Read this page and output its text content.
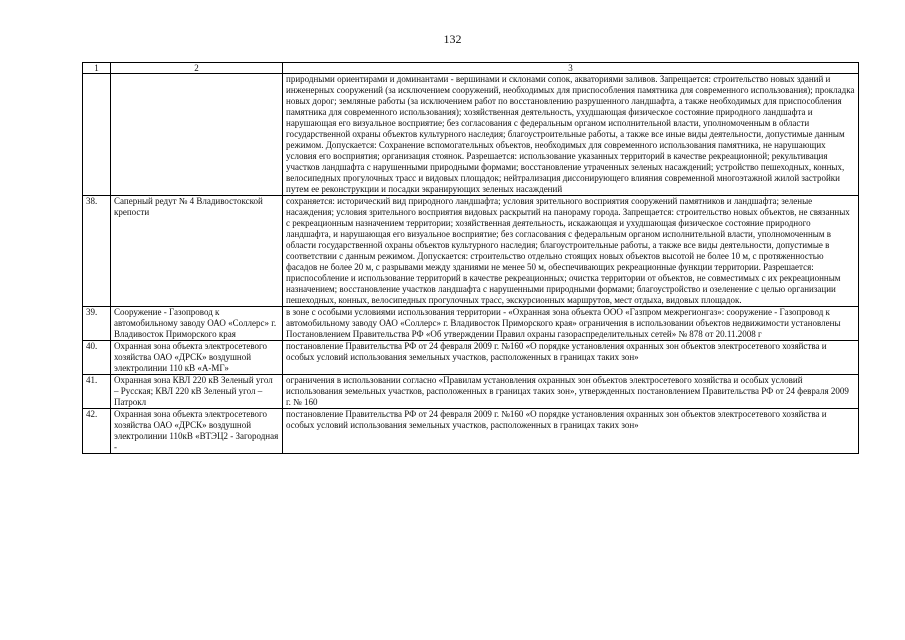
132
1	2	3
		природными ориентирами и доминантами - вершинами и склонами сопок, акваториями заливов. Запрещается: строительство новых зданий и инженерных сооружений (за исключением сооружений, необходимых для приспособления памятника для современного использования); прокладка новых дорог; земляные работы (за исключением работ по восстановлению разрушенного ландшафта, а также необходимых для приспособления памятника для современного использования); хозяйственная деятельность, ухудшающая физическое состояние природного ландшафта и нарушающая его визуальное восприятие; без согласования с федеральным органом исполнительной власти, уполномоченным в области государственной охраны объектов культурного наследия; благоустроительные работы, а также все иные виды деятельности, допустимые данным режимом. Допускается: Сохранение вспомогательных объектов, необходимых для современного использования памятника, не нарушающих условия его восприятия; организация стоянок. Разрешается: использование указанных территорий в качестве рекреационной; рекультивация участков ландшафта с нарушенными природными формами; восстановление утраченных зеленых насаждений; устройство пешеходных, конных, велосипедных прогулочных трасс и видовых площадок; нейтрализация диссонирующего влияния современной многоэтажной жилой застройки путем ее реконструкции и посадки экранирующих зеленых насаждений
38.	Саперный редут № 4 Владивостокской крепости	сохраняется: исторический вид природного ландшафта; условия зрительного восприятия сооружений памятников и ландшафта; зеленые насаждения; условия зрительного восприятия видовых раскрытий на панораму города. Запрещается: строительство новых объектов, не связанных с рекреационным назначением территории; хозяйственная деятельность, искажающая и ухудшающая физическое состояние природного ландшафта, и нарушающая его визуальное восприятие; без согласования с федеральным органом исполнительной власти, уполномоченным в области государственной охраны объектов культурного наследия; благоустроительные работы, а также все виды деятельности, допустимые в соответствии с данным режимом. Допускается: строительство отдельно стоящих новых объектов высотой не более 10 м, с протяженностью фасадов не более 20 м, с разрывами между зданиями не менее 50 м, обеспечивающих рекреационные функции территории. Разрешается: приспособление и использование территорий в качестве рекреационных; очистка территории от объектов, не совместимых с их рекреационным назначением; восстановление участков ландшафта с нарушенными природными формами; благоустройство и озеленение с целью организации пешеходных, конных, велосипедных прогулочных трасс, экскурсионных маршрутов, мест отдыха, видовых площадок.
39.	Сооружение - Газопровод к автомобильному заводу ОАО «Соллерс» г. Владивосток Приморского края	в зоне с особыми условиями использования территории - «Охранная зона объекта ООО «Газпром межрегионгаз»: сооружение - Газопровод к автомобильному заводу ОАО «Соллерс» г. Владивосток Приморского края» ограничения в использовании объектов недвижимости установлены Постановлением Правительства РФ «Об утверждении Правил охраны газораспределительных сетей» № 878 от 20.11.2008 г
40.	Охранная зона объекта электросетевого хозяйства ОАО «ДРСК» воздушной электролинии 110 кВ «А-МГ»	постановление Правительства РФ от 24 февраля 2009 г. №160 «О порядке установления охранных зон объектов электросетевого хозяйства и особых условий использования земельных участков, расположенных в границах таких зон»
41.	Охранная зона КВЛ 220 кВ Зеленый угол – Русская; КВЛ 220 кВ Зеленый угол – Патрокл	ограничения в использовании согласно «Правилам установления охранных зон объектов электросетевого хозяйства и особых условий использования земельных участков, расположенных в границах таких зон», утвержденных постановлением Правительства РФ от 24 февраля 2009 г. № 160
42.	Охранная зона объекта электросетевого хозяйства ОАО «ДРСК» воздушной электролинии 110кВ «ВТЭЦ2 - Загородная -	постановление Правительства РФ от 24 февраля 2009 г. №160 «О порядке установления охранных зон объектов электросетевого хозяйства и особых условий использования земельных участков, расположенных в границах таких зон»
